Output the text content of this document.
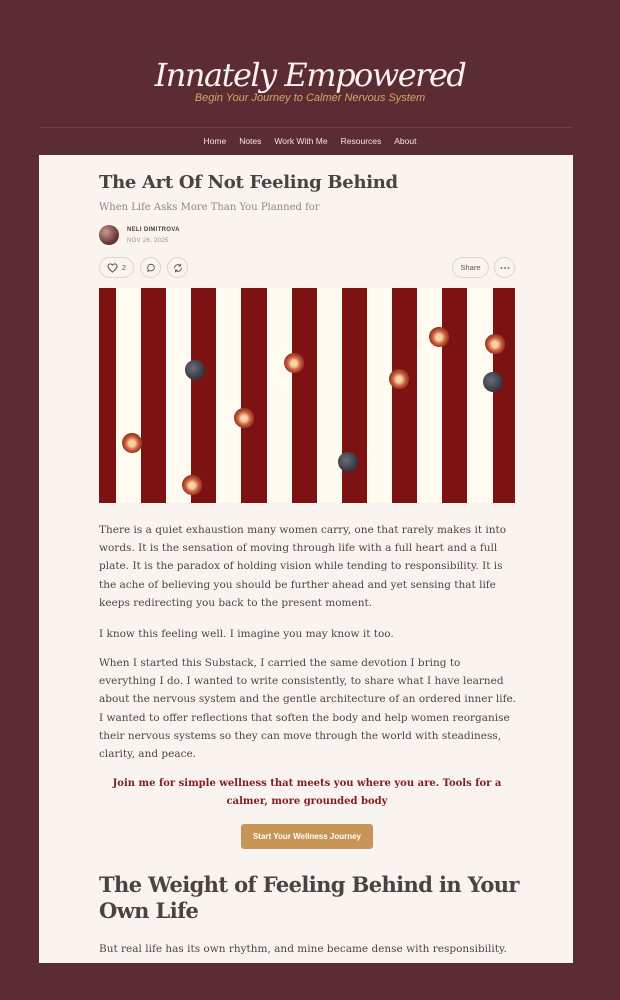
Innately Empowered
Begin Your Journey to Calmer Nervous System
Home Notes Work With Me Resources About
The Art Of Not Feeling Behind
When Life Asks More Than You Planned for
NELI DIMITROVA
NOV 26, 2025
2	Share

There is a quiet exhaustion many women carry, one that rarely makes it into words. It is the sensation of moving through life with a full heart and a full plate. It is the paradox of holding vision while tending to responsibility. It is the ache of believing you should be further ahead and yet sensing that life keeps redirecting you back to the present moment.

I know this feeling well. I imagine you may know it too.

When I started this Substack, I carried the same devotion I bring to everything I do. I wanted to write consistently, to share what I have learned about the nervous system and the gentle architecture of an ordered inner life. I wanted to offer reflections that soften the body and help women reorganise their nervous systems so they can move through the world with steadiness, clarity, and peace.

Join me for simple wellness that meets you where you are. Tools for a calmer, more grounded body

Start Your Wellness Journey
The Weight of Feeling Behind in Your Own Life

But real life has its own rhythm, and mine became dense with responsibility.
